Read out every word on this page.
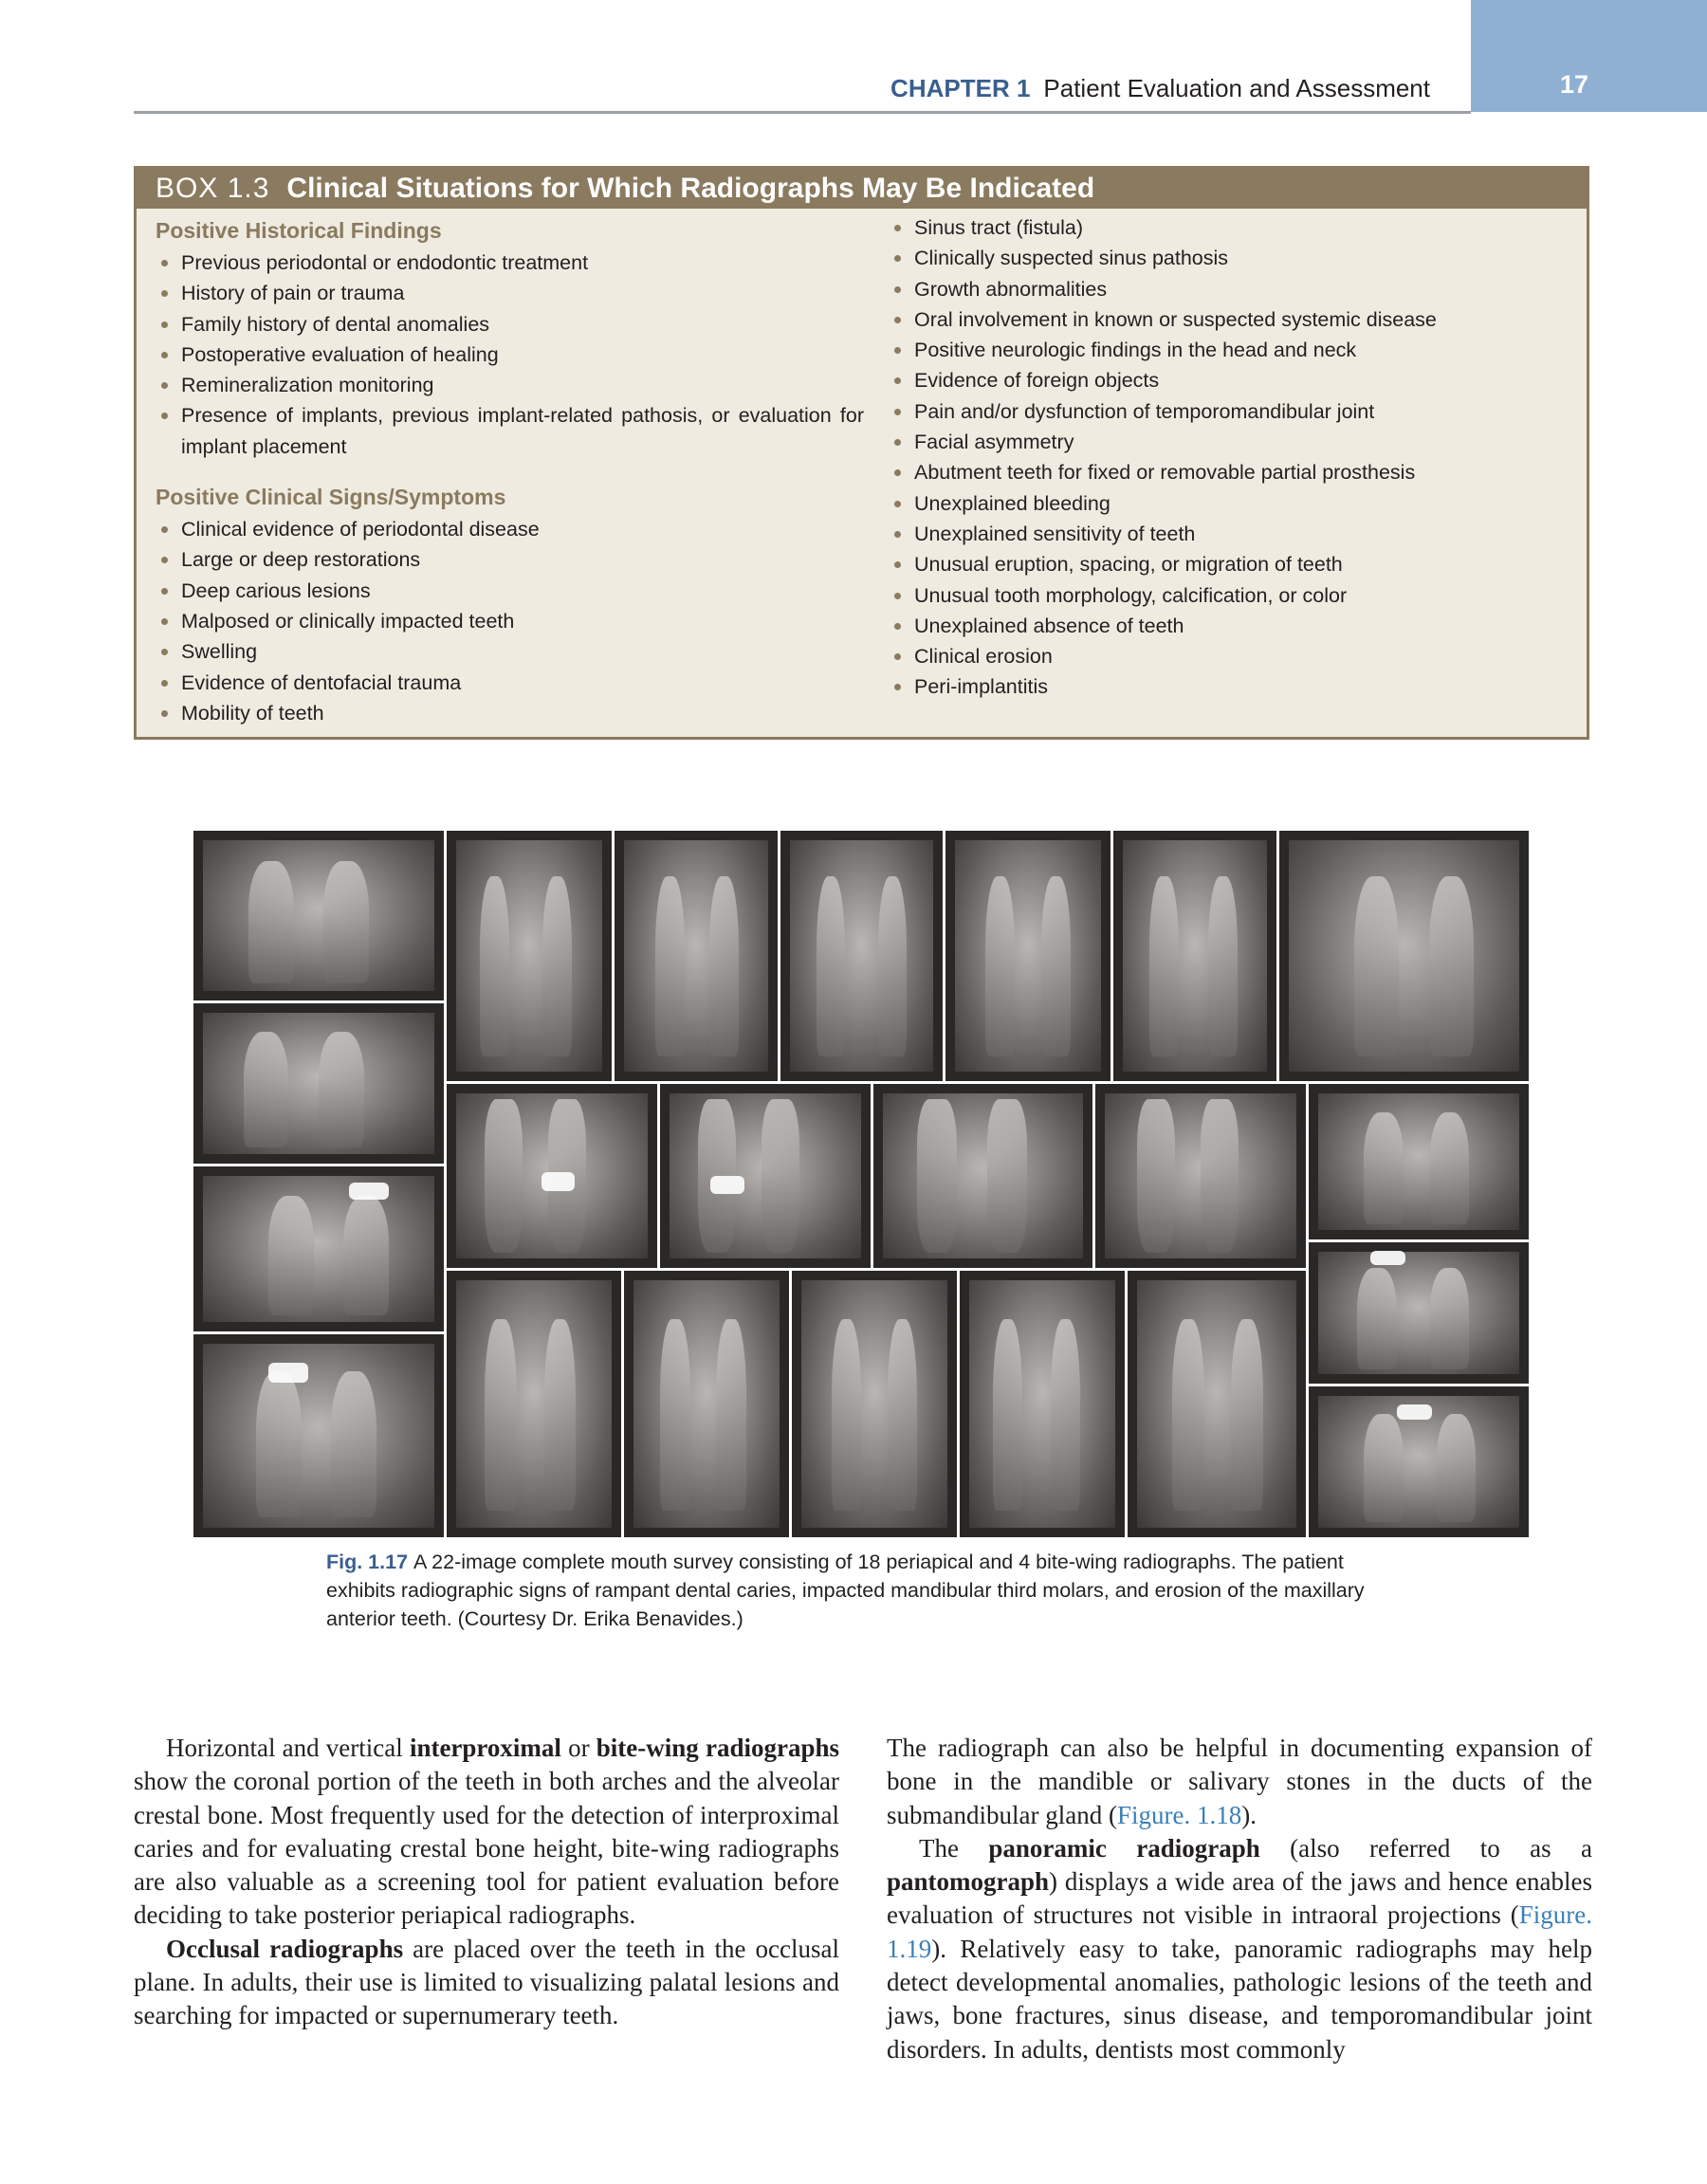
17
CHAPTER 1 Patient Evaluation and Assessment
BOX 1.3 Clinical Situations for Which Radiographs May Be Indicated
Positive Historical Findings
Previous periodontal or endodontic treatment
History of pain or trauma
Family history of dental anomalies
Postoperative evaluation of healing
Remineralization monitoring
Presence of implants, previous implant-related pathosis, or evaluation for implant placement
Positive Clinical Signs/Symptoms
Clinical evidence of periodontal disease
Large or deep restorations
Deep carious lesions
Malposed or clinically impacted teeth
Swelling
Evidence of dentofacial trauma
Mobility of teeth
Sinus tract (fistula)
Clinically suspected sinus pathosis
Growth abnormalities
Oral involvement in known or suspected systemic disease
Positive neurologic findings in the head and neck
Evidence of foreign objects
Pain and/or dysfunction of temporomandibular joint
Facial asymmetry
Abutment teeth for fixed or removable partial prosthesis
Unexplained bleeding
Unexplained sensitivity of teeth
Unusual eruption, spacing, or migration of teeth
Unusual tooth morphology, calcification, or color
Unexplained absence of teeth
Clinical erosion
Peri-implantitis
Fig. 1.17 A 22-image complete mouth survey consisting of 18 periapical and 4 bite-wing radiographs. The patient exhibits radiographic signs of rampant dental caries, impacted mandibular third molars, and erosion of the maxillary anterior teeth. (Courtesy Dr. Erika Benavides.)

Horizontal and vertical interproximal or bite-wing radiographs show the coronal portion of the teeth in both arches and the alveolar crestal bone. Most frequently used for the detection of interproximal caries and for evaluating crestal bone height, bite-wing radiographs are also valuable as a screening tool for patient evaluation before deciding to take posterior periapical radiographs.

Occlusal radiographs are placed over the teeth in the occlusal plane. In adults, their use is limited to visualizing palatal lesions and searching for impacted or supernumerary teeth.

The radiograph can also be helpful in documenting expansion of bone in the mandible or salivary stones in the ducts of the submandibular gland (Figure. 1.18).

The panoramic radiograph (also referred to as a pantomograph) displays a wide area of the jaws and hence enables evaluation of structures not visible in intraoral projections (Figure. 1.19). Relatively easy to take, panoramic radiographs may help detect developmental anomalies, pathologic lesions of the teeth and jaws, bone fractures, sinus disease, and temporomandibular joint disorders. In adults, dentists most commonly
